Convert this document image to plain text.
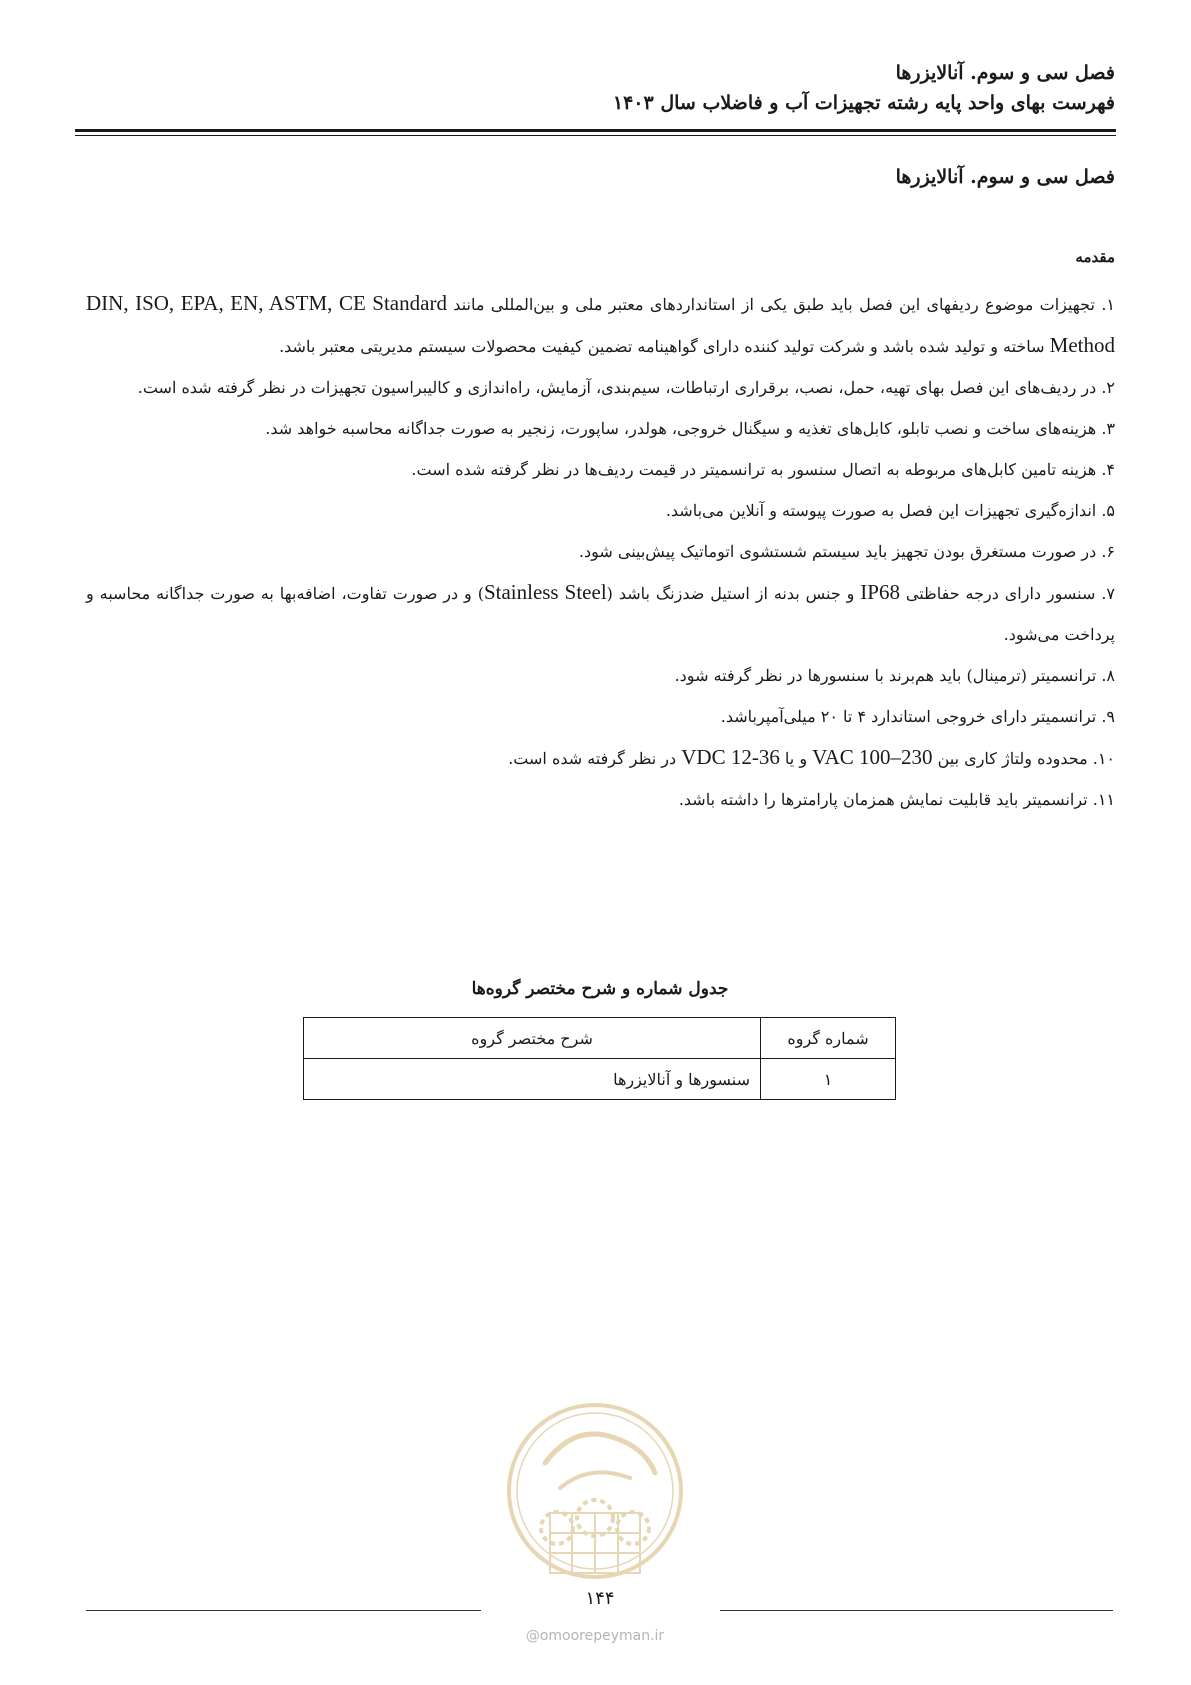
فصل سی و سوم. آنالایزرها
فهرست بهای واحد پایه رشته تجهیزات آب و فاضلاب سال ۱۴۰۳
فصل سی و سوم. آنالایزرها
مقدمه

۱. تجهیزات موضوع ردیفهای این فصل باید طبق یکی از استانداردهای معتبر ملی و بین‌المللی مانند DIN, ISO, EPA, EN, ASTM, CE Standard Method ساخته و تولید شده باشد و شرکت تولید کننده دارای گواهینامه تضمین کیفیت محصولات سیستم مدیریتی معتبر باشد.

۲. در ردیف‌های این فصل بهای تهیه، حمل، نصب، برقراری ارتباطات، سیم‌بندی، آزمایش، راه‌اندازی و کالیبراسیون تجهیزات در نظر گرفته شده است.

۳. هزینه‌های ساخت و نصب تابلو، کابل‌های تغذیه و سیگنال خروجی، هولدر، ساپورت، زنجیر به صورت جداگانه محاسبه خواهد شد.

۴. هزینه تامین کابل‌های مربوطه به اتصال سنسور به ترانسمیتر در قیمت ردیف‌ها در نظر گرفته شده است.

۵. اندازه‌گیری تجهیزات این فصل به صورت پیوسته و آنلاین می‌باشد.

۶. در صورت مستغرق بودن تجهیز باید سیستم شستشوی اتوماتیک پیش‌بینی شود.

۷. سنسور دارای درجه حفاظتی IP68 و جنس بدنه از استیل ضدزنگ باشد (Stainless Steel) و در صورت تفاوت، اضافه‌بها به صورت جداگانه محاسبه و پرداخت می‌شود.

۸. ترانسمیتر (ترمینال) باید هم‌برند با سنسورها در نظر گرفته شود.

۹. ترانسمیتر دارای خروجی استاندارد ۴ تا ۲۰ میلی‌آمپرباشد.

۱۰. محدوده ولتاژ کاری بین VAC 100–230 و یا VDC 12-36 در نظر گرفته شده است.

۱۱. ترانسمیتر باید قابلیت نمایش همزمان پارامترها را داشته باشد.

جدول شماره و شرح مختصر گروه‌ها
شماره گروه	شرح مختصر گروه
۱	سنسورها و آنالایزرها
۱۴۴
@omoorepeyman.ir
